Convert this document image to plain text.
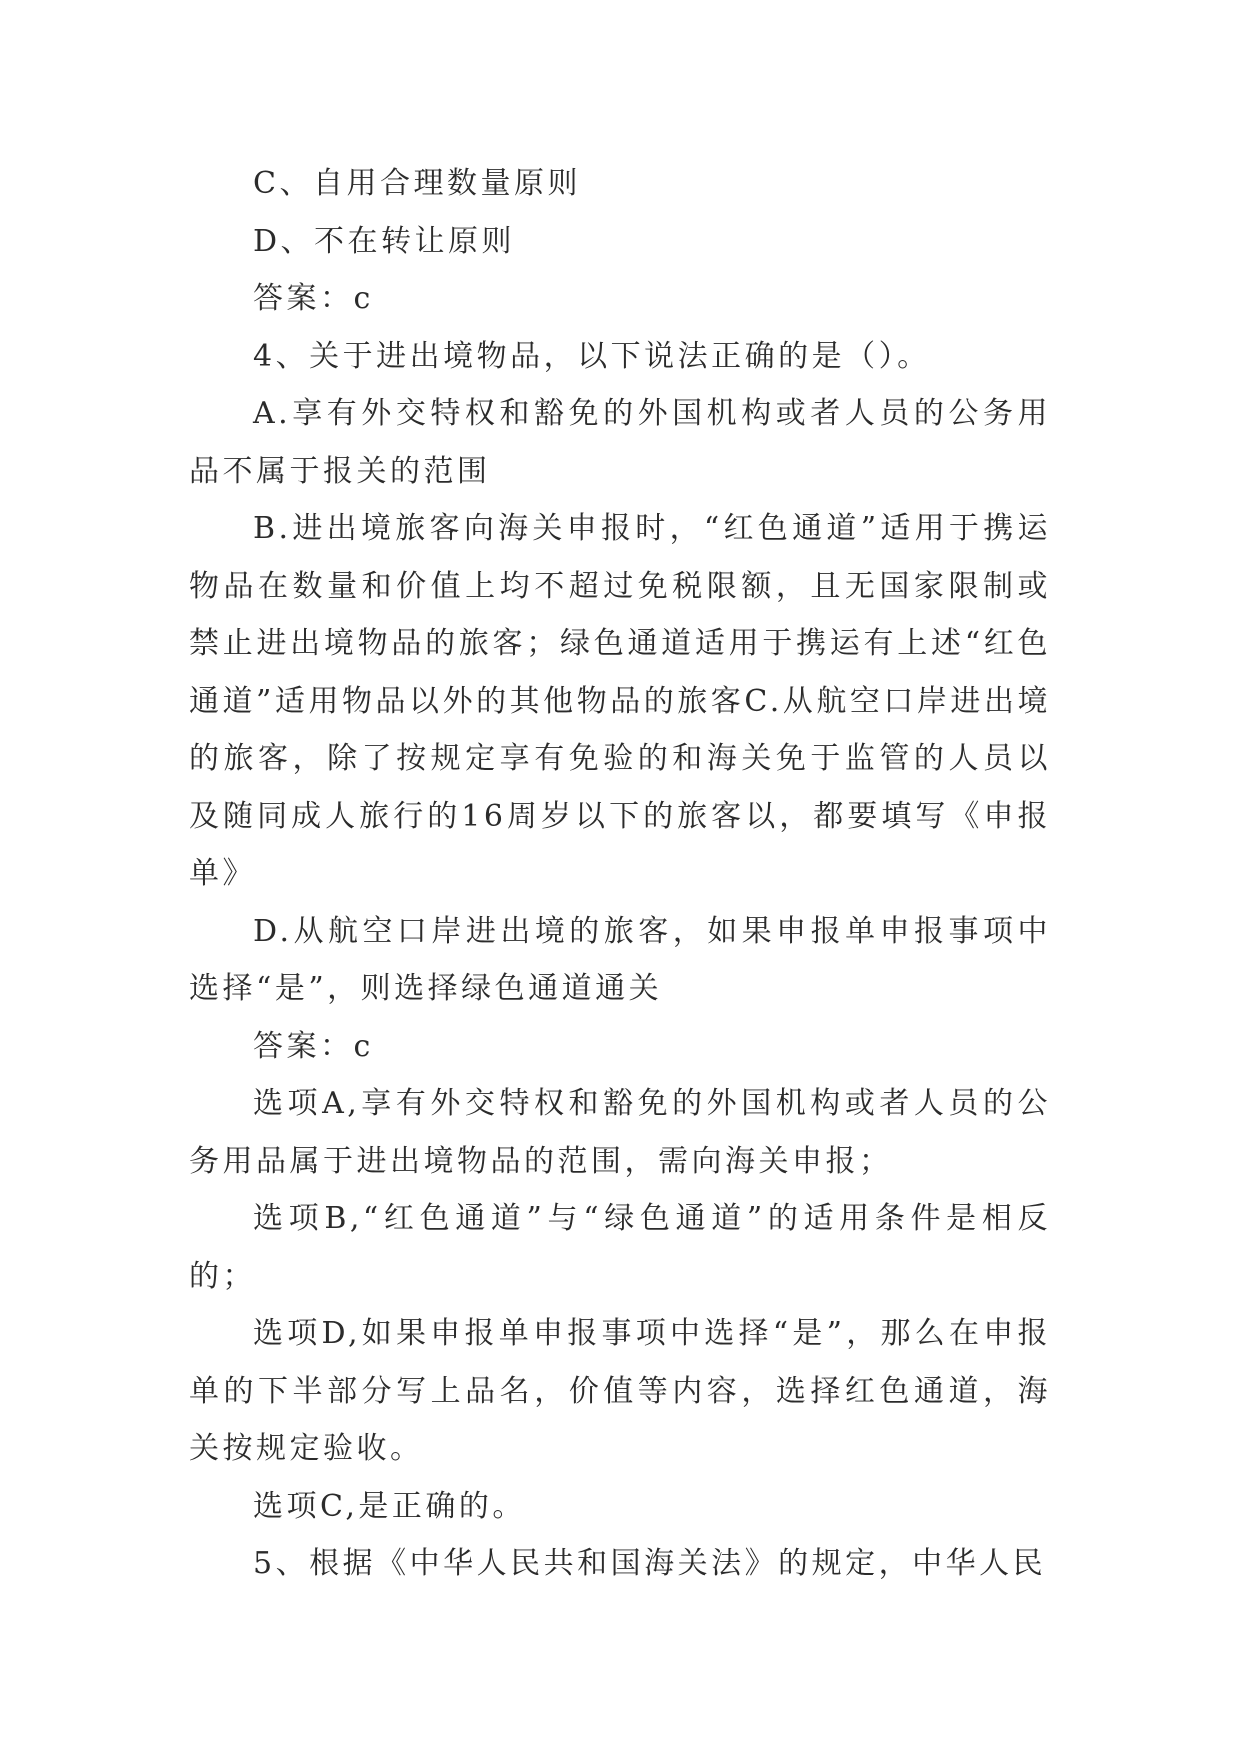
C、自用合理数量原则

D、不在转让原则

答案：c

4、关于进出境物品，以下说法正确的是（）。

A.享有外交特权和豁免的外国机构或者人员的公务用品不属于报关的范围

B.进出境旅客向海关申报时，“红色通道”适用于携运物品在数量和价值上均不超过免税限额，且无国家限制或禁止进出境物品的旅客；绿色通道适用于携运有上述“红色通道”适用物品以外的其他物品的旅客C.从航空口岸进出境的旅客，除了按规定享有免验的和海关免于监管的人员以及随同成人旅行的16周岁以下的旅客以，都要填写《申报单》

D.从航空口岸进出境的旅客，如果申报单申报事项中选择“是”，则选择绿色通道通关

答案：c

选项A,享有外交特权和豁免的外国机构或者人员的公务用品属于进出境物品的范围，需向海关申报；

选项B,“红色通道”与“绿色通道”的适用条件是相反的；

选项D,如果申报单申报事项中选择“是”，那么在申报单的下半部分写上品名，价值等内容，选择红色通道，海关按规定验收。

选项C,是正确的。

5、根据《中华人民共和国海关法》的规定，中华人民
